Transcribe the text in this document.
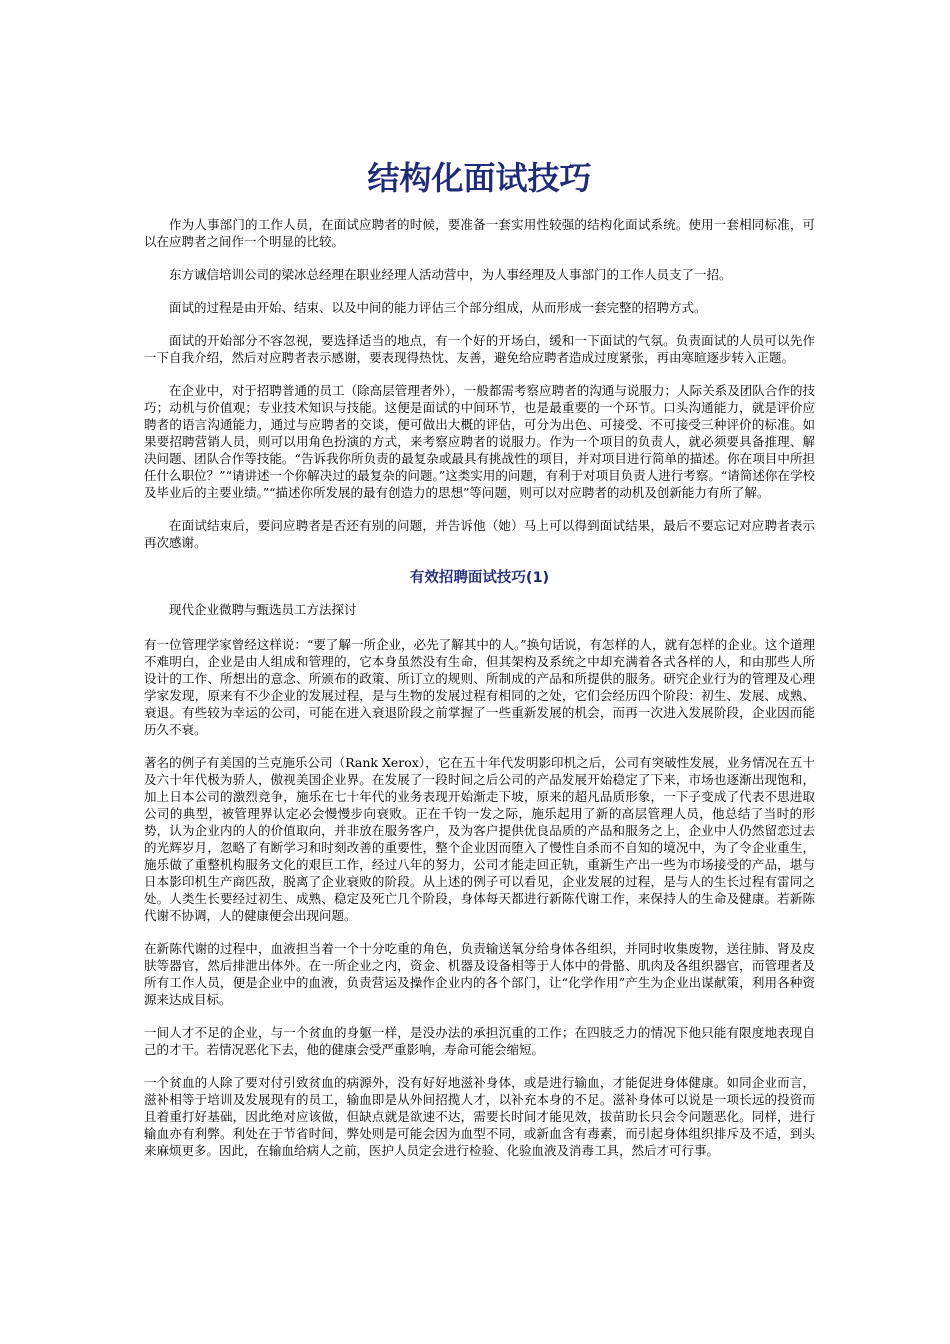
结构化面试技巧

作为人事部门的工作人员，在面试应聘者的时候，要准备一套实用性较强的结构化面试系统。使用一套相同标准，可以在应聘者之间作一个明显的比较。

东方诚信培训公司的梁冰总经理在职业经理人活动营中，为人事经理及人事部门的工作人员支了一招。

面试的过程是由开始、结束、以及中间的能力评估三个部分组成，从而形成一套完整的招聘方式。

面试的开始部分不容忽视，要选择适当的地点，有一个好的开场白，缓和一下面试的气氛。负责面试的人员可以先作一下自我介绍，然后对应聘者表示感谢，要表现得热忱、友善，避免给应聘者造成过度紧张，再由寒暄逐步转入正题。

在企业中，对于招聘普通的员工（除高层管理者外），一般都需考察应聘者的沟通与说服力；人际关系及团队合作的技巧；动机与价值观；专业技术知识与技能。这便是面试的中间环节，也是最重要的一个环节。口头沟通能力，就是评价应聘者的语言沟通能力，通过与应聘者的交谈，便可做出大概的评估，可分为出色、可接受、不可接受三种评价的标准。如果要招聘营销人员，则可以用角色扮演的方式，来考察应聘者的说服力。作为一个项目的负责人，就必须要具备推理、解决问题、团队合作等技能。“告诉我你所负责的最复杂或最具有挑战性的项目，并对项目进行简单的描述。你在项目中所担任什么职位？”“请讲述一个你解决过的最复杂的问题。”这类实用的问题，有利于对项目负责人进行考察。“请简述你在学校及毕业后的主要业绩。”“描述你所发展的最有创造力的思想”等问题，则可以对应聘者的动机及创新能力有所了解。

在面试结束后，要问应聘者是否还有别的问题，并告诉他（她）马上可以得到面试结果，最后不要忘记对应聘者表示再次感谢。

有效招聘面试技巧(1)

现代企业微聘与甄选员工方法探讨

有一位管理学家曾经这样说：“要了解一所企业，必先了解其中的人。”换句话说，有怎样的人，就有怎样的企业。这个道理不难明白，企业是由人组成和管理的，它本身虽然没有生命，但其架构及系统之中却充满着各式各样的人，和由那些人所设计的工作、所想出的意念、所颁布的政策、所订立的规则、所制成的产品和所提供的服务。研究企业行为的管理及心理学家发现，原来有不少企业的发展过程，是与生物的发展过程有相同的之处，它们会经历四个阶段：初生、发展、成熟、衰退。有些较为幸运的公司，可能在进入衰退阶段之前掌握了一些重新发展的机会，而再一次进入发展阶段，企业因而能历久不衰。

著名的例子有美国的兰克施乐公司（Rank Xerox），它在五十年代发明影印机之后，公司有突破性发展，业务情况在五十及六十年代极为骄人，傲视美国企业界。在发展了一段时间之后公司的产品发展开始稳定了下来，市场也逐渐出现饱和，加上日本公司的激烈竞争，施乐在七十年代的业务表现开始渐走下坡，原来的超凡品质形象，一下子变成了代表不思进取公司的典型，被管理界认定必会慢慢步向衰败。正在千钧一发之际，施乐起用了新的高层管理人员，他总结了当时的形势，认为企业内的人的价值取向，并非放在服务客户，及为客户提供优良品质的产品和服务之上，企业中人仍然留恋过去的光辉岁月，忽略了有断学习和时刻改善的重要性，整个企业因而堕入了慢性自杀而不自知的境况中，为了令企业重生，施乐做了重整机构服务文化的艰巨工作，经过八年的努力，公司才能走回正轨，重新生产出一些为市场接受的产品，堪与日本影印机生产商匹敌，脱离了企业衰败的阶段。从上述的例子可以看见，企业发展的过程，是与人的生长过程有雷同之处。人类生长要经过初生、成熟、稳定及死亡几个阶段，身体每天都进行新陈代谢工作，来保持人的生命及健康。若新陈代谢不协调，人的健康便会出现问题。

在新陈代谢的过程中，血液担当着一个十分吃重的角色，负责输送氧分给身体各组织，并同时收集废物，送往肺、肾及皮肤等器官，然后排泄出体外。在一所企业之内，资金、机器及设备相等于人体中的骨骼、肌肉及各组织器官，而管理者及所有工作人员，便是企业中的血液，负责营运及操作企业内的各个部门，让“化学作用”产生为企业出谋献策，利用各种资源来达成目标。

一间人才不足的企业，与一个贫血的身躯一样，是没办法的承担沉重的工作；在四肢乏力的情况下他只能有限度地表现自己的才干。若情况恶化下去，他的健康会受严重影响，寿命可能会缩短。

一个贫血的人除了要对付引致贫血的病源外，没有好好地滋补身体，或是进行输血，才能促进身体健康。如同企业而言，滋补相等于培训及发展现有的员工，输血即是从外间招揽人才，以补充本身的不足。滋补身体可以说是一项长远的投资而且着重打好基础，因此绝对应该做，但缺点就是欲速不达，需要长时间才能见效，拔苗助长只会令问题恶化。同样，进行输血亦有利弊。利处在于节省时间，弊处则是可能会因为血型不同，或新血含有毒素，而引起身体组织排斥及不适，到头来麻烦更多。因此，在输血给病人之前，医护人员定会进行检验、化验血液及消毒工具，然后才可行事。
